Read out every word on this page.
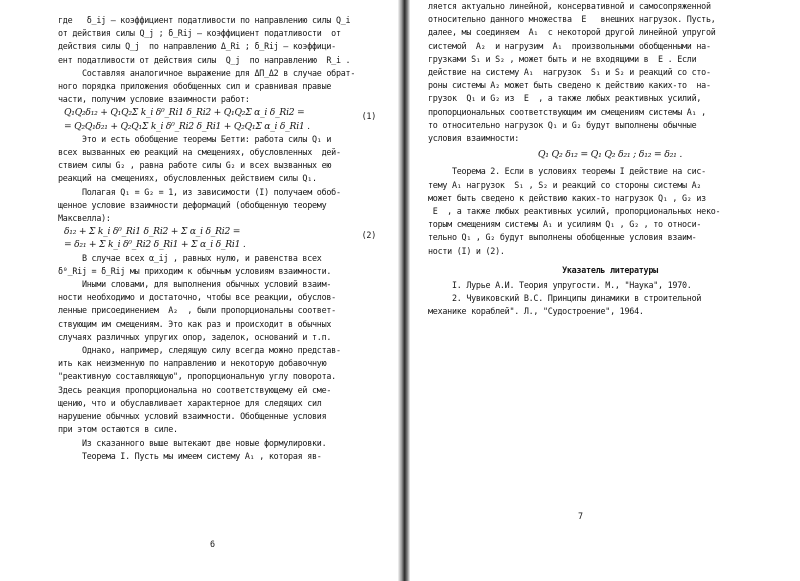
где   δ_ij – коэффициент податливости по направлению силы Q_i
от действия силы Q_j ; δ_Rij – коэффициент податливости  от
действия силы Q_j  по направлению Δ_Ri ; δ_Rij – коэффици-
ент податливости от действия силы  Q_j  по направлению  R_i .
Составляя аналогичное выражение для ΔП_Δ2 в случае обрат-
ного порядка приложения обобщенных сил и сравнивая правые
части, получим условие взаимности работ:
Q₁Q₂δ₁₂ + Q₁Q₂Σ k_i δ⁰_Ri1 δ_Ri2 + Q₁Q₂Σ α_i δ_Ri2 =
= Q₂Q₁δ₂₁ + Q₂Q₁Σ k_i δ⁰_Ri2 δ_Ri1 + Q₂Q₁Σ α_i δ_Ri1 .
(1)
Это и есть обобщение теоремы Бетти: работа силы Q₁ и
всех вызванных ею реакций на смещениях, обусловленных  дей-
ствием силы G₂ , равна работе силы G₂ и всех вызванных ею
реакций на смещениях, обусловленных действием силы Q₁.
Полагая Q₁ = G₂ = 1, из зависимости (I) получаем обоб-
щенное условие взаимности деформаций (обобщенную теорему
Максвелла):
δ₁₂ + Σ k_i δ⁰_Ri1 δ_Ri2 + Σ α_i δ_Ri2 =
= δ₂₁ + Σ k_i δ⁰_Ri2 δ_Ri1 + Σ α_i δ_Ri1 .
(2)
В случае всех α_ij , равных нулю, и равенства всех
δ⁰_Rij = δ_Rij мы приходим к обычным условиям взаимности.
Иными словами, для выполнения обычных условий взаим-
ности необходимо и достаточно, чтобы все реакции, обуслов-
ленные присоединением  A₂  , были пропорциональны соответ-
ствующим им смещениям. Это как раз и происходит в обычных
случаях различных упругих опор, заделок, оснований и т.п.
Однако, например, следящую силу всегда можно представ-
ить как неизменную по направлению и некоторую добавочную
"реактивную составляющую", пропорциональную углу поворота.
Здесь реакция пропорциональна но соответствующему ей сме-
щению, что и обуславливает характерное для следящих сил
нарушение обычных условий взаимности. Обобщенные условия
при этом остаются в силе.
Из сказанного выше вытекают две новые формулировки.
Теорема I. Пусть мы имеем систему A₁ , которая яв-
6
ляется актуально линейной, консервативной и самосопряженной
относительно данного множества  E   внешних нагрузок. Пусть,
далее, мы соединяем  A₁  с некоторой другой линейной упругой
системой  A₂  и нагрузим  A₁  произвольными обобщенными на-
грузками S₁ и S₂ , может быть и не входящими в  E . Если
действие на систему A₁  нагрузок  S₁ и S₂ и реакций со сто-
роны системы A₂ может быть сведено к действию каких-то  на-
грузок  Q₁ и G₂ из  E  , а также любых реактивных усилий,
пропорциональных соответствующим им смещениям системы A₁ ,
то относительно нагрузок Q₁ и G₂ будут выполнены обычные
условия взаимности:
Q₁ Q₂ δ₁₂ = Q₁ Q₂ δ₂₁ ; δ₁₂ = δ₂₁ .
Теорема 2. Если в условиях теоремы I действие на сис-
тему A₁ нагрузок  S₁ , S₂ и реакций со стороны системы A₂
может быть сведено к действию каких-то нагрузок Q₁ , G₂ из
E  , а также любых реактивных усилий, пропорциональных неко-
торым смещениям системы A₁ и усилиям Q₁ , G₂ , то относи-
тельно Q₁ , G₂ будут выполнены обобщенные условия взаим-
ности (I) и (2).
Указатель литературы
I. Лурье А.И. Теория упругости. М., "Наука", 1970.
2. Чувиковский В.С. Принципы динамики в строительной
механике кораблей". Л., "Судостроение", 1964.
7
